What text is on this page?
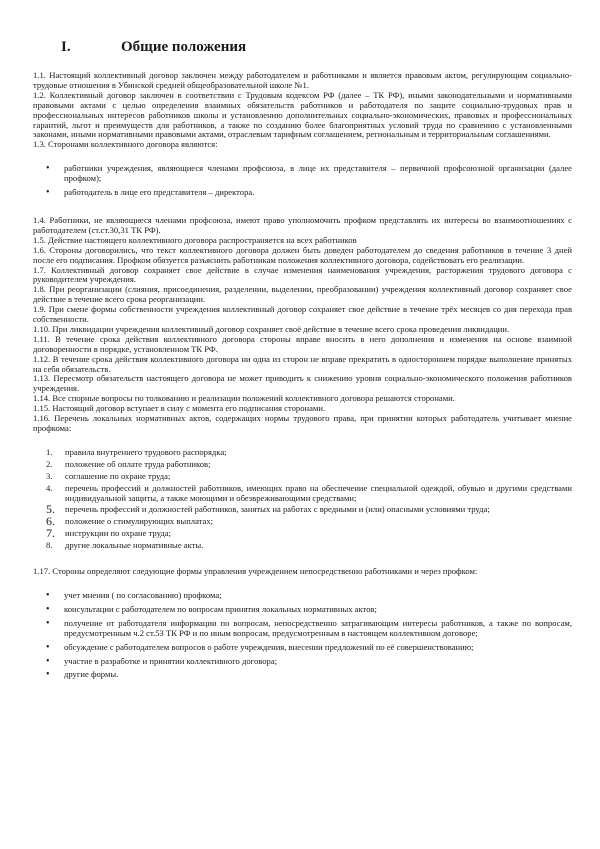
I.	Общие положения

1.1. Настоящий коллективный договор заключен между работодателем и работниками и является правовым актом, регулирующим социально-трудовые отношения в Убинской средней общеобразовательной школе №1.

1.2. Коллективный договор заключен в соответствии с Трудовым кодексом РФ (далее – ТК РФ), иными законодательными и нормативными правовыми актами с целью определения взаимных обязательств работников и работодателя по защите социально-трудовых прав и профессиональных интересов работников школы и установлению дополнительных социально-экономических, правовых и профессиональных гарантий, льгот и преимуществ для работников, а также по созданию более благоприятных условий труда по сравнению с установленными законами, иными нормативными правовыми актами, отраслевым тарифным соглашением, региональным и территориальным соглашениями.

1.3. Сторонами коллективного договора являются:

• работники учреждения, являющиеся членами профсоюза, в лице их представителя – первичной профсоюзной организации (далее профком);
• работодатель в лице его представителя – директора.

1.4. Работники, не являющиеся членами профсоюза, имеют право уполномочить профком представлять их интересы во взаимоотношениях с работодателем (ст.ст.30,31 ТК РФ).

1.5. Действие настоящего коллективного договора распространяется на всех работников

1.6. Стороны договорились, что текст коллективного договора должен быть доведен работодателем до сведения работников в течение 3 дней после его подписания. Профком обязуется разъяснить работникам положения коллективного договора, содействовать его реализации.

1.7. Коллективный договор сохраняет свое действие в случае изменения наименования учреждения, расторжения трудового договора с руководителем учреждения.

1.8. При реорганизации (слияния, присоединения, разделении, выделении, преобразовании) учреждения коллективный договор сохраняет свое действие в течение всего срока реорганизации.

1.9. При смене формы собственности учреждения коллективный договор сохраняет свое действие в течение трёх месяцев со дня перехода прав собственности.

1.10. При ликвидации учреждения коллективный договор сохраняет своё действие в течение всего срока проведения ликвидации.

1.11. В течение срока действия коллективного договора стороны вправе вносить в него дополнения и изменения на основе взаимной договоренности в порядке, установленном ТК РФ.

1.12. В течение срока действия коллективного договора ни одна из сторон не вправе прекратить в одностороннем порядке выполнение принятых на себя обязательств.

1.13. Пересмотр обязательств настоящего договора не может приводить к снижению уровня социально-экономического положения работников учреждения.

1.14. Все спорные вопросы по толкованию и реализации положений коллективного договора решаются сторонами.

1.15. Настоящий договор вступает в силу с момента его подписания сторонами.

1.16. Перечень локальных нормативных актов, содержащих нормы трудового права, при принятии которых работодатель учитывает мнение профкома:

1. правила внутреннего трудового распорядка;
2. положение об оплате труда работников;
3. соглашение по охране труда;
4. перечень профессий и должностей работников, имеющих право на обеспечение специальной одеждой, обувью и другими средствами индивидуальной защиты, а также моющими и обезвреживающими средствами;
5. перечень профессий и должностей работников, занятых на работах с вредными и (или) опасными условиями труда;
6. положение о стимулирующих выплатах;
7. инструкции по охране труда;
8. другие локальные нормативные акты.

1.17. Стороны определяют следующие формы управления учреждением непосредственно работниками и через профком:

• учет мнения ( по согласованию) профкома;
• консультации с работодателем по вопросам принятия локальных нормативных актов;
• получение от работодателя информации по вопросам, непосредственно затрагивающим интересы работников, а также по вопросам, предусмотренным ч.2 ст.53 ТК РФ и по иным вопросам, предусмотренным в настоящем коллективном договоре;
• обсуждение с работодателем вопросов о работе учреждения, внесении предложений по её совершенствованию;
• участие в разработке и принятии коллективного договора;
• другие формы.
